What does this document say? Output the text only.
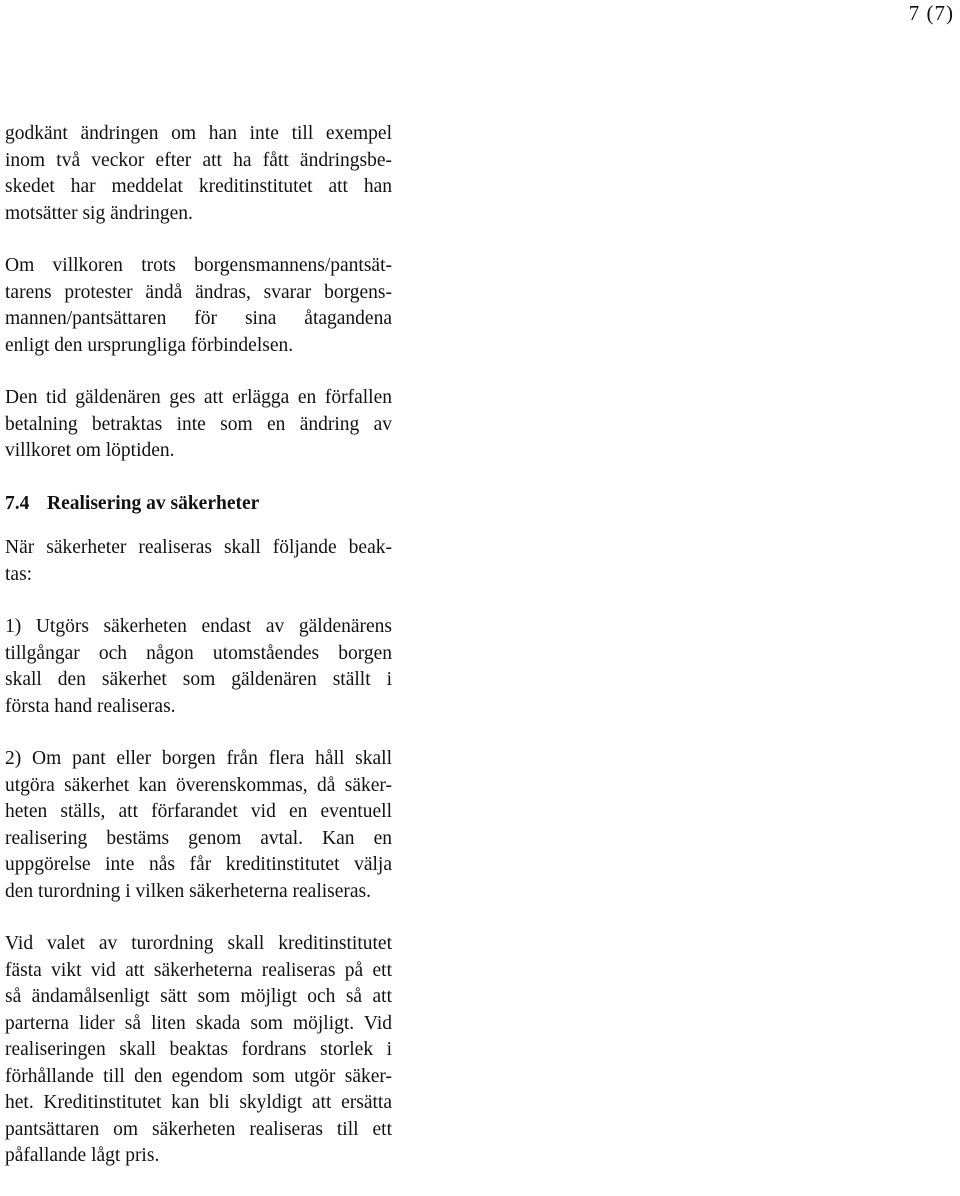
7 (7)
godkänt ändringen om han inte till exempel
inom två veckor efter att ha fått ändringsbe-
skedet har meddelat kreditinstitutet att han
motsätter sig ändringen.
Om villkoren trots borgensmannens/pantsät-
tarens protester ändå ändras, svarar borgens-
mannen/pantsättaren för sina åtagandena
enligt den ursprungliga förbindelsen.
Den tid gäldenären ges att erlägga en förfallen
betalning betraktas inte som en ändring av
villkoret om löptiden.
7.4 Realisering av säkerheter
När säkerheter realiseras skall följande beak-
tas:
1) Utgörs säkerheten endast av gäldenärens
tillgångar och någon utomståendes borgen
skall den säkerhet som gäldenären ställt i
första hand realiseras.
2) Om pant eller borgen från flera håll skall
utgöra säkerhet kan överenskommas, då säker-
heten ställs, att förfarandet vid en eventuell
realisering bestäms genom avtal. Kan en
uppgörelse inte nås får kreditinstitutet välja
den turordning i vilken säkerheterna realiseras.
Vid valet av turordning skall kreditinstitutet
fästa vikt vid att säkerheterna realiseras på ett
så ändamålsenligt sätt som möjligt och så att
parterna lider så liten skada som möjligt. Vid
realiseringen skall beaktas fordrans storlek i
förhållande till den egendom som utgör säker-
het. Kreditinstitutet kan bli skyldigt att ersätta
pantsättaren om säkerheten realiseras till ett
påfallande lågt pris.
